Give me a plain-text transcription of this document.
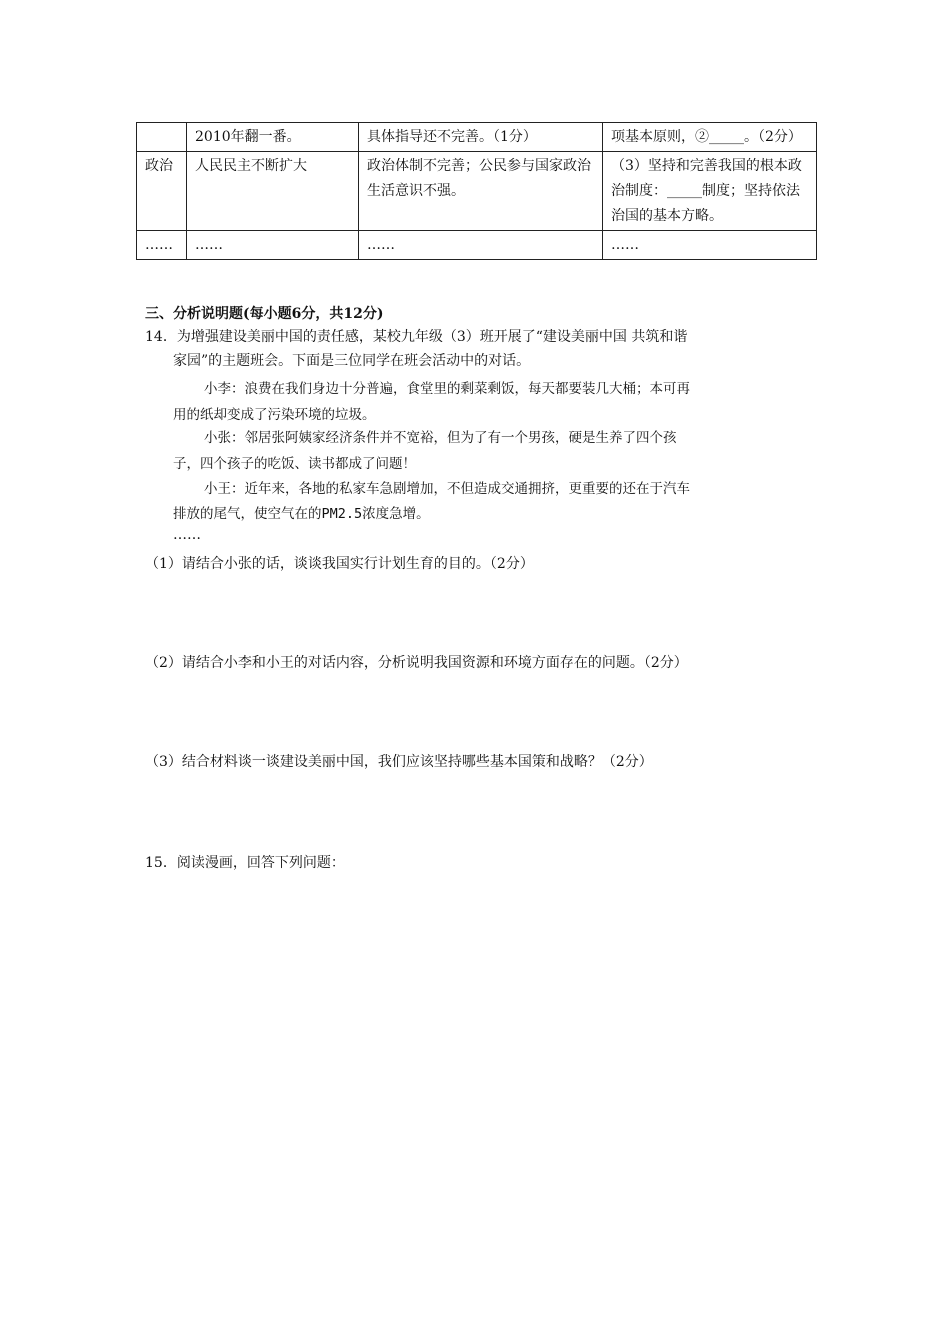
	2010年翻一番。	具体指导还不完善。（1分）	项基本原则，②_____。（2分）
政治	人民民主不断扩大	政治体制不完善；公民参与国家政治生活意识不强。	（3）坚持和完善我国的根本政治制度：_____制度；坚持依法治国的基本方略。
……	……	……	……
三、分析说明题(每小题6分，共12分)
14．为增强建设美丽中国的责任感，某校九年级（3）班开展了“建设美丽中国 共筑和谐
家园”的主题班会。下面是三位同学在班会活动中的对话。
小李：浪费在我们身边十分普遍，食堂里的剩菜剩饭，每天都要装几大桶；本可再
用的纸却变成了污染环境的垃圾。
小张：邻居张阿姨家经济条件并不宽裕，但为了有一个男孩，硬是生养了四个孩
子，四个孩子的吃饭、读书都成了问题！
小王：近年来，各地的私家车急剧增加，不但造成交通拥挤，更重要的还在于汽车
排放的尾气，使空气在的PM2.5浓度急增。
……
（1）请结合小张的话，谈谈我国实行计划生育的目的。（2分）
（2）请结合小李和小王的对话内容，分析说明我国资源和环境方面存在的问题。（2分）
（3）结合材料谈一谈建设美丽中国，我们应该坚持哪些基本国策和战略？（2分）
15．阅读漫画，回答下列问题：
